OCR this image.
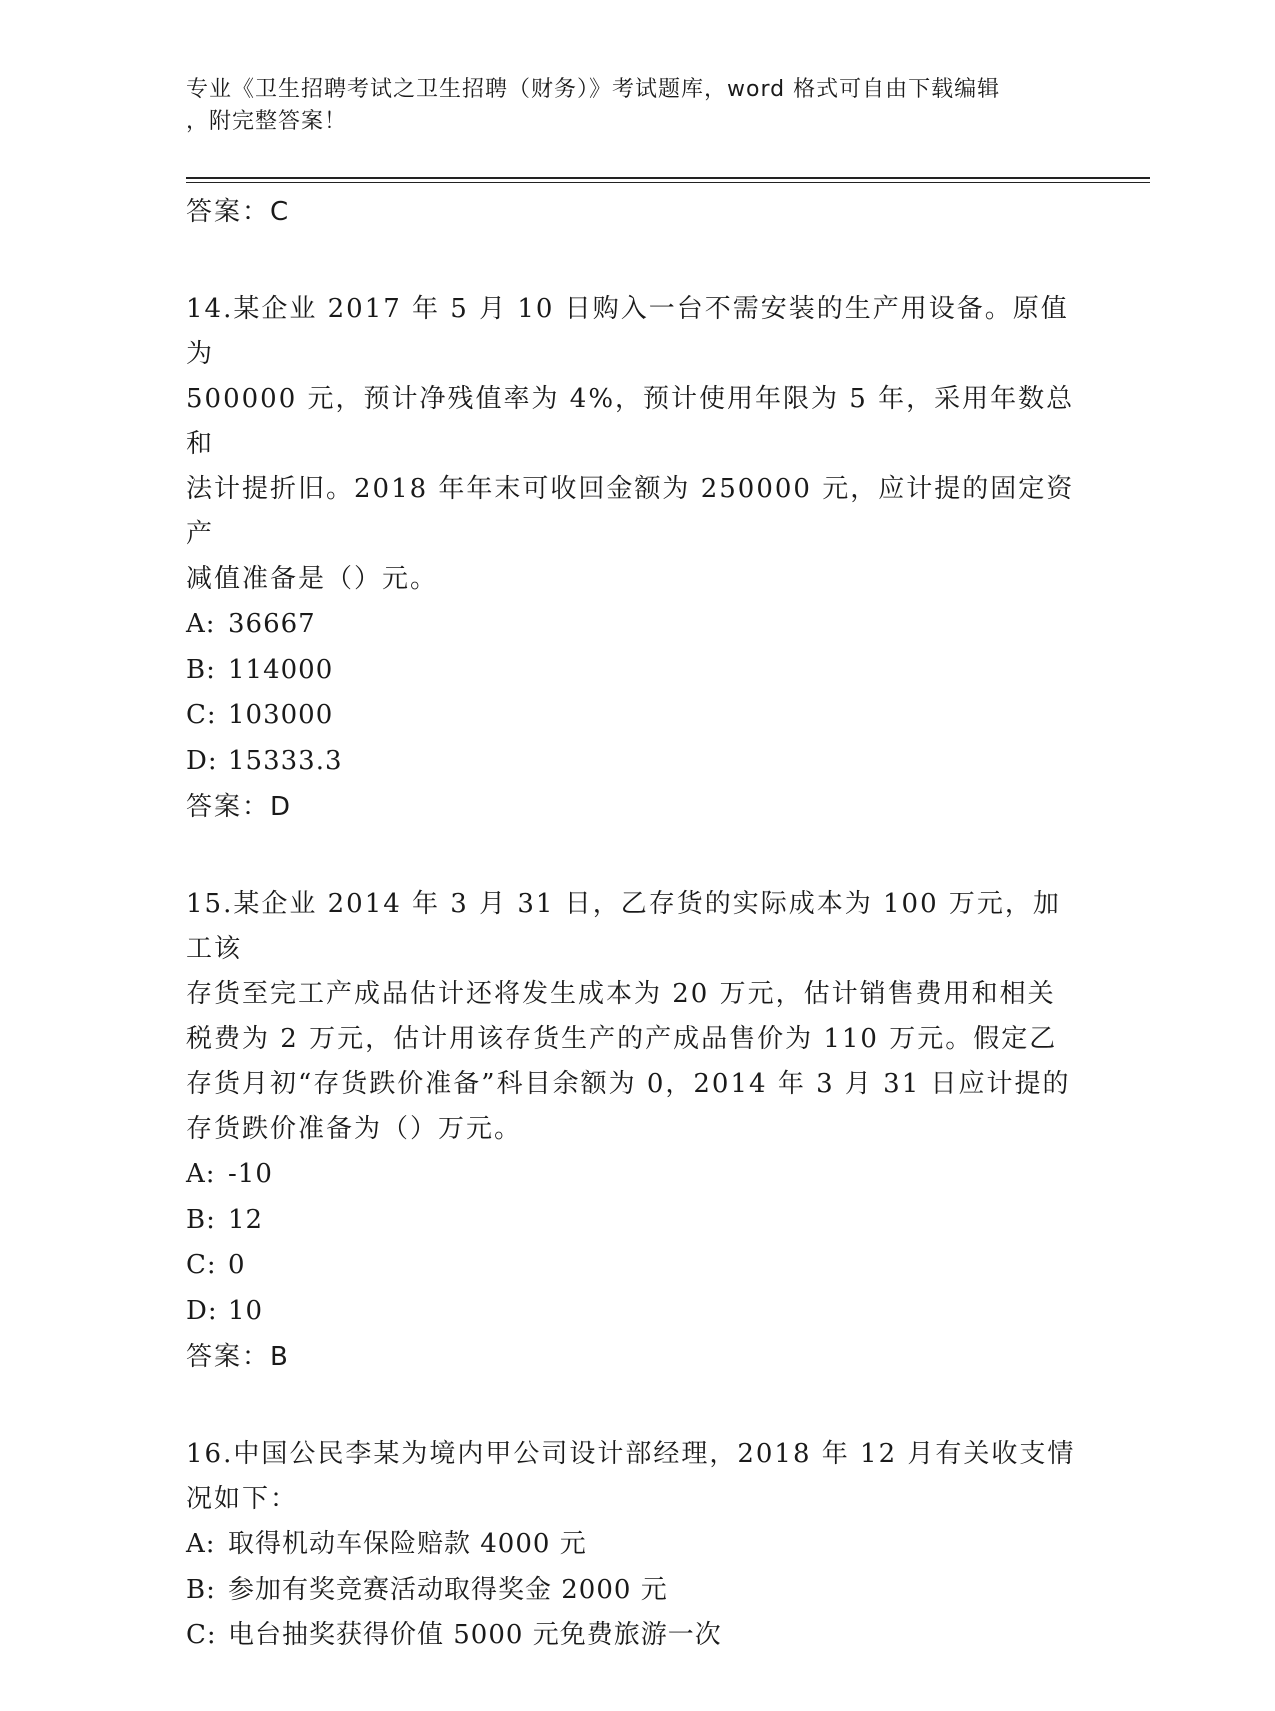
专业《卫生招聘考试之卫生招聘（财务）》考试题库，word 格式可自由下载编辑
，附完整答案！
答案：C
14.某企业 2017 年 5 月 10 日购入一台不需安装的生产用设备。原值为
500000 元，预计净残值率为 4%，预计使用年限为 5 年，采用年数总和
法计提折旧。2018 年年末可收回金额为 250000 元，应计提的固定资产
减值准备是（）元。
A: 36667
B: 114000
C: 103000
D: 15333.3
答案：D
15.某企业 2014 年 3 月 31 日，乙存货的实际成本为 100 万元，加工该
存货至完工产成品估计还将发生成本为 20 万元，估计销售费用和相关
税费为 2 万元，估计用该存货生产的产成品售价为 110 万元。假定乙
存货月初“存货跌价准备”科目余额为 0，2014 年 3 月 31 日应计提的
存货跌价准备为（）万元。
A: -10
B: 12
C: 0
D: 10
答案：B
16.中国公民李某为境内甲公司设计部经理，2018 年 12 月有关收支情
况如下：
A: 取得机动车保险赔款 4000 元
B: 参加有奖竞赛活动取得奖金 2000 元
C: 电台抽奖获得价值 5000 元免费旅游一次
